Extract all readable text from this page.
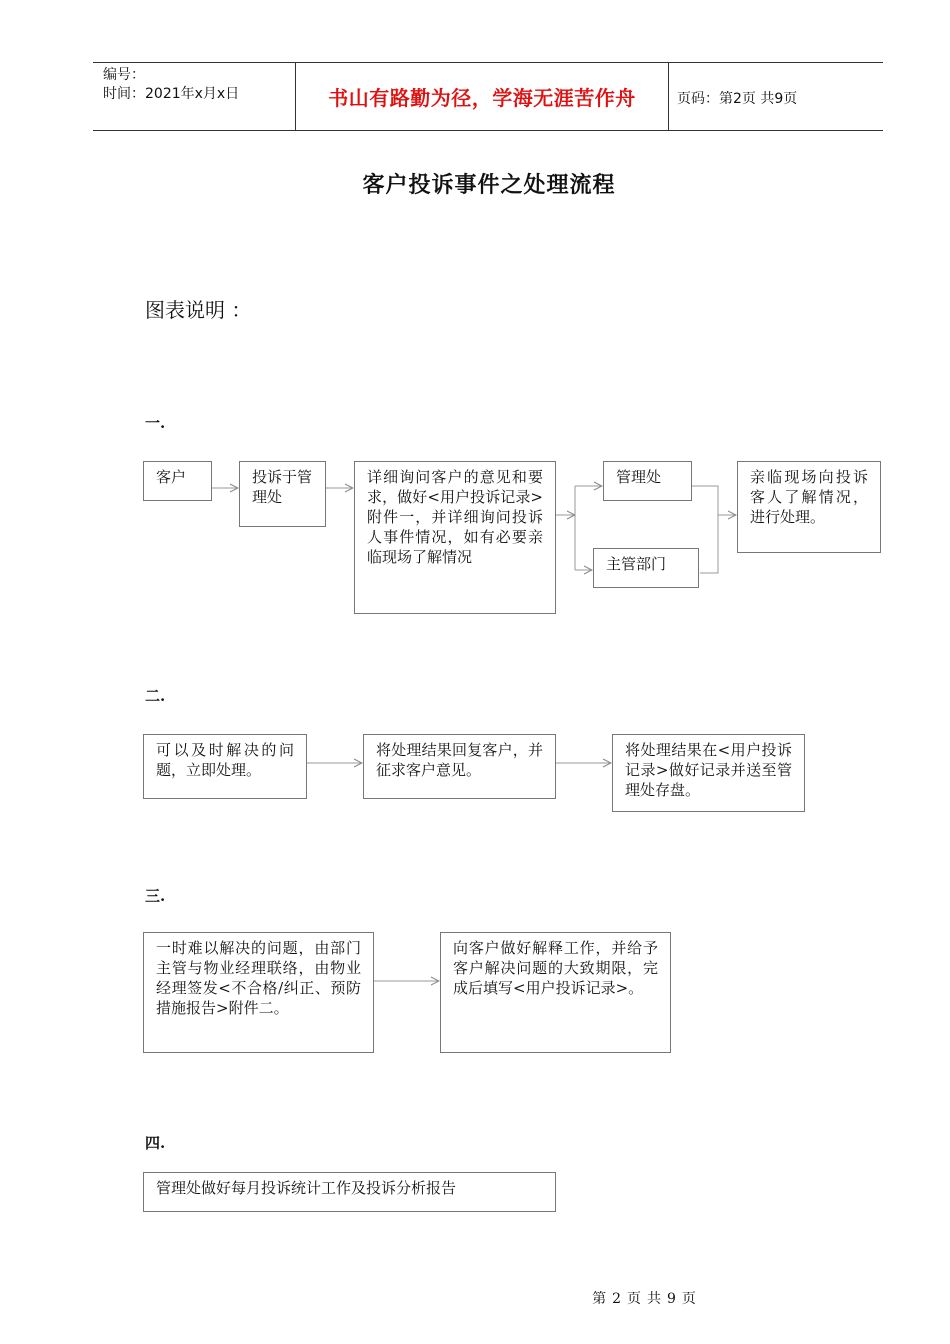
编号：
时间：2021年x月x日	书山有路勤为径，学海无涯苦作舟	页码：第2页 共9页
客户投诉事件之处理流程
图表说明 ：
一.
客户	投诉于管理处
详细询问客户的意见和要求，做好<用户投诉记录>附件一，并详细询问投诉人事件情况，如有必要亲临现场了解情况
管理处
主管部门
亲临现场向投诉客人了解情况，进行处理。
二.
可以及时解决的问题，立即处理。
将处理结果回复客户，并征求客户意见。
将处理结果在<用户投诉记录>做好记录并送至管理处存盘。
三.
一时难以解决的问题，由部门主管与物业经理联络，由物业经理签发<不合格/纠正、预防措施报告>附件二。
向客户做好解释工作，并给予客户解决问题的大致期限，完成后填写<用户投诉记录>。
四.
管理处做好每月投诉统计工作及投诉分析报告
第 2 页 共 9 页
